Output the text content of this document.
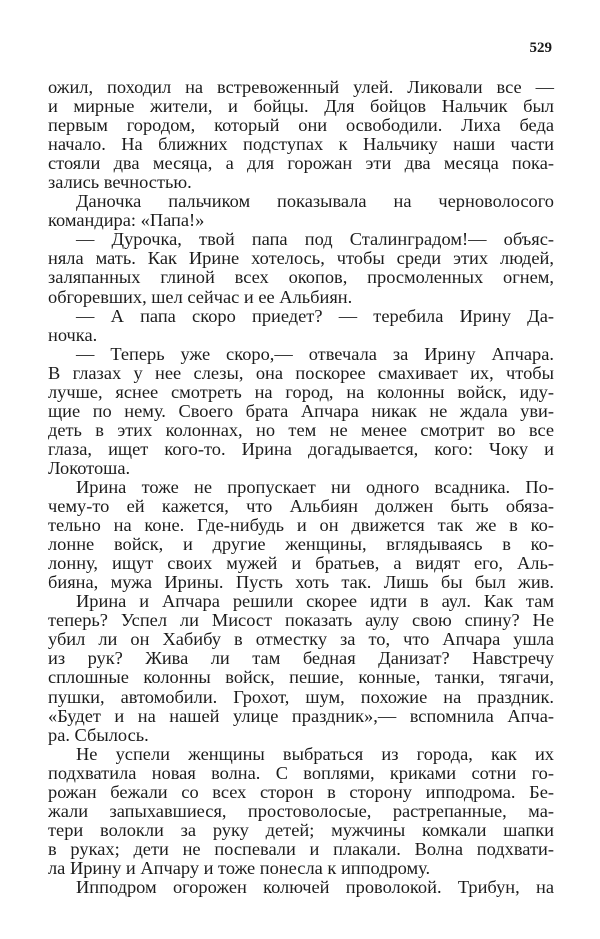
529

ожил, походил на встревоженный улей. Ликовали все —
и мирные жители, и бойцы. Для бойцов Нальчик был
первым городом, который они освободили. Лиха беда
начало. На ближних подступах к Нальчику наши части
стояли два месяца, а для горожан эти два месяца пока-
зались вечностью.

Даночка пальчиком показывала на черноволосого
командира: «Папа!»

— Дурочка, твой папа под Сталинградом!— объяс-
няла мать. Как Ирине хотелось, чтобы среди этих людей,
заляпанных глиной всех окопов, просмоленных огнем,
обгоревших, шел сейчас и ее Альбиян.

— А папа скоро приедет? — теребила Ирину Да-
ночка.

— Теперь уже скоро,— отвечала за Ирину Апчара.
В глазах у нее слезы, она поскорее смахивает их, чтобы
лучше, яснее смотреть на город, на колонны войск, иду-
щие по нему. Своего брата Апчара никак не ждала уви-
деть в этих колоннах, но тем не менее смотрит во все
глаза, ищет кого-то. Ирина догадывается, кого: Чоку и
Локотоша.

Ирина тоже не пропускает ни одного всадника. По-
чему-то ей кажется, что Альбиян должен быть обяза-
тельно на коне. Где-нибудь и он движется так же в ко-
лонне войск, и другие женщины, вглядываясь в ко-
лонну, ищут своих мужей и братьев, а видят его, Аль-
бияна, мужа Ирины. Пусть хоть так. Лишь бы был жив.

Ирина и Апчара решили скорее идти в аул. Как там
теперь? Успел ли Мисост показать аулу свою спину? Не
убил ли он Хабибу в отместку за то, что Апчара ушла
из рук? Жива ли там бедная Данизат? Навстречу
сплошные колонны войск, пешие, конные, танки, тягачи,
пушки, автомобили. Грохот, шум, похожие на праздник.
«Будет и на нашей улице праздник»,— вспомнила Апча-
ра. Сбылось.

Не успели женщины выбраться из города, как их
подхватила новая волна. С воплями, криками сотни го-
рожан бежали со всех сторон в сторону ипподрома. Бе-
жали запыхавшиеся, простоволосые, растрепанные, ма-
тери волокли за руку детей; мужчины комкали шапки
в руках; дети не поспевали и плакали. Волна подхвати-
ла Ирину и Апчару и тоже понесла к ипподрому.

Ипподром огорожен колючей проволокой. Трибун, на
